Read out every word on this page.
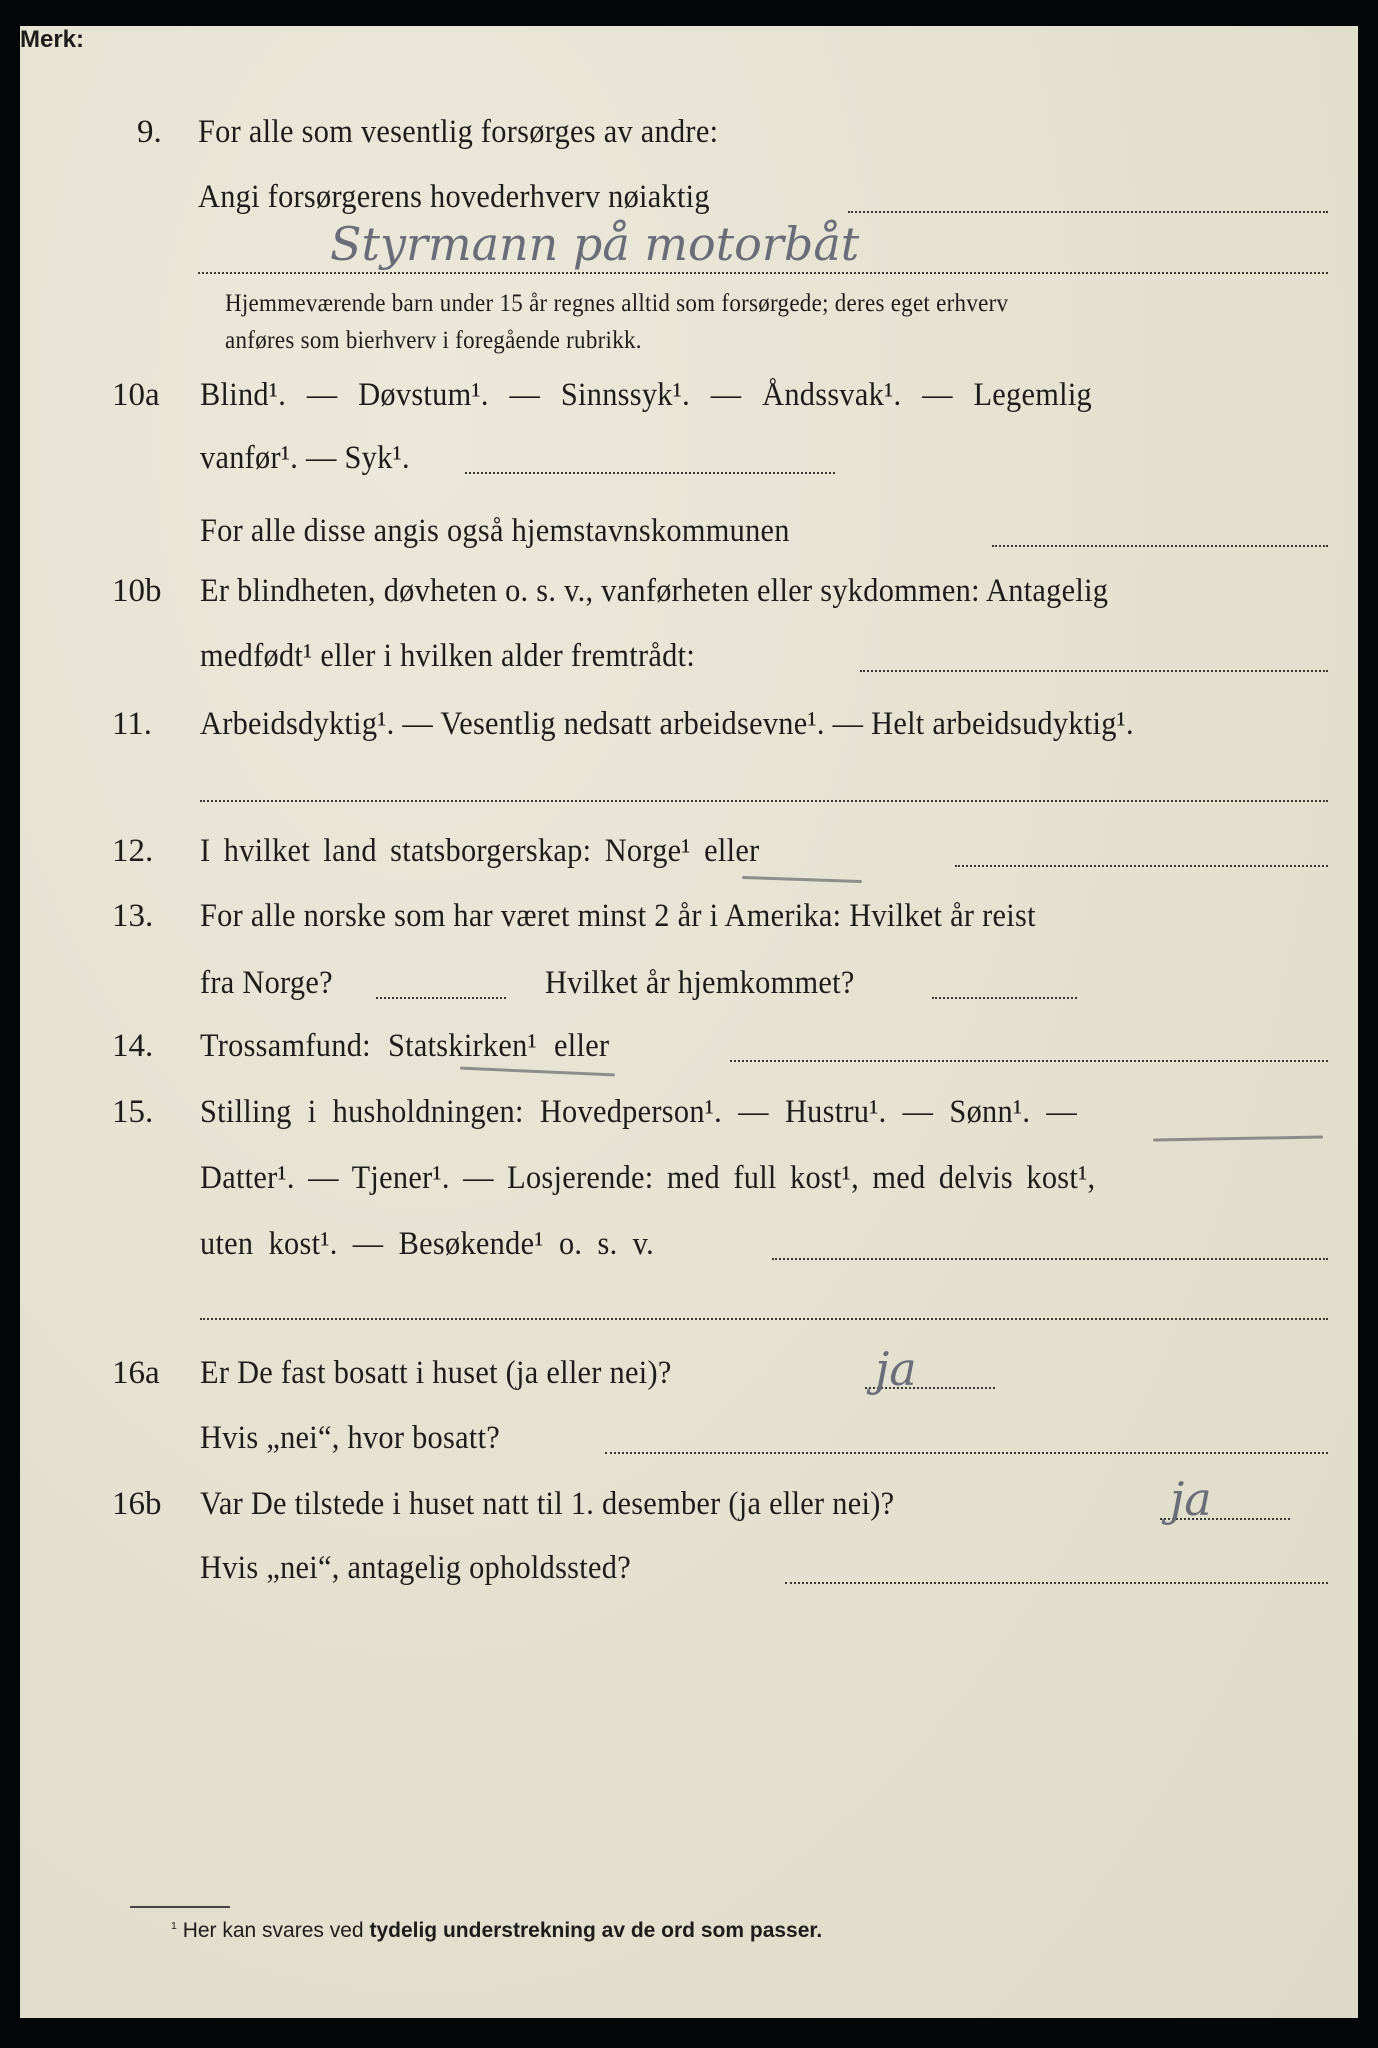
9. For alle som vesentlig forsørges av andre:
Angi forsørgerens hovederhverv nøiaktig
Styrmann på motorbåt
Merk:
Hjemmeværende barn under 15 år regnes alltid som forsørgede; deres eget erhverv
anføres som bierhverv i foregående rubrikk.
10a Blind¹. — Døvstum¹. — Sinnssyk¹. — Åndssvak¹. — Legemlig
vanfør¹. — Syk¹.
For alle disse angis også hjemstavnskommunen
10b Er blindheten, døvheten o. s. v., vanførheten eller sykdommen: Antagelig
medfødt¹ eller i hvilken alder fremtrådt:
11. Arbeidsdyktig¹. — Vesentlig nedsatt arbeidsevne¹. — Helt arbeidsudyktig¹.
12. I hvilket land statsborgerskap: Norge¹ eller
13. For alle norske som har været minst 2 år i Amerika: Hvilket år reist
fra Norge?	Hvilket år hjemkommet?
14. Trossamfund: Statskirken¹ eller
15. Stilling i husholdningen: Hovedperson¹. — Hustru¹. — Sønn¹. —
Datter¹. — Tjener¹. — Losjerende: med full kost¹, med delvis kost¹,
uten kost¹. — Besøkende¹ o. s. v.
16a Er De fast bosatt i huset (ja eller nei)?	ja
Hvis „nei“, hvor bosatt?
16b Var De tilstede i huset natt til 1. desember (ja eller nei)?	ja
Hvis „nei“, antagelig opholdssted?
$^1$ Her kan svares ved tydelig understrekning av de ord som passer.
